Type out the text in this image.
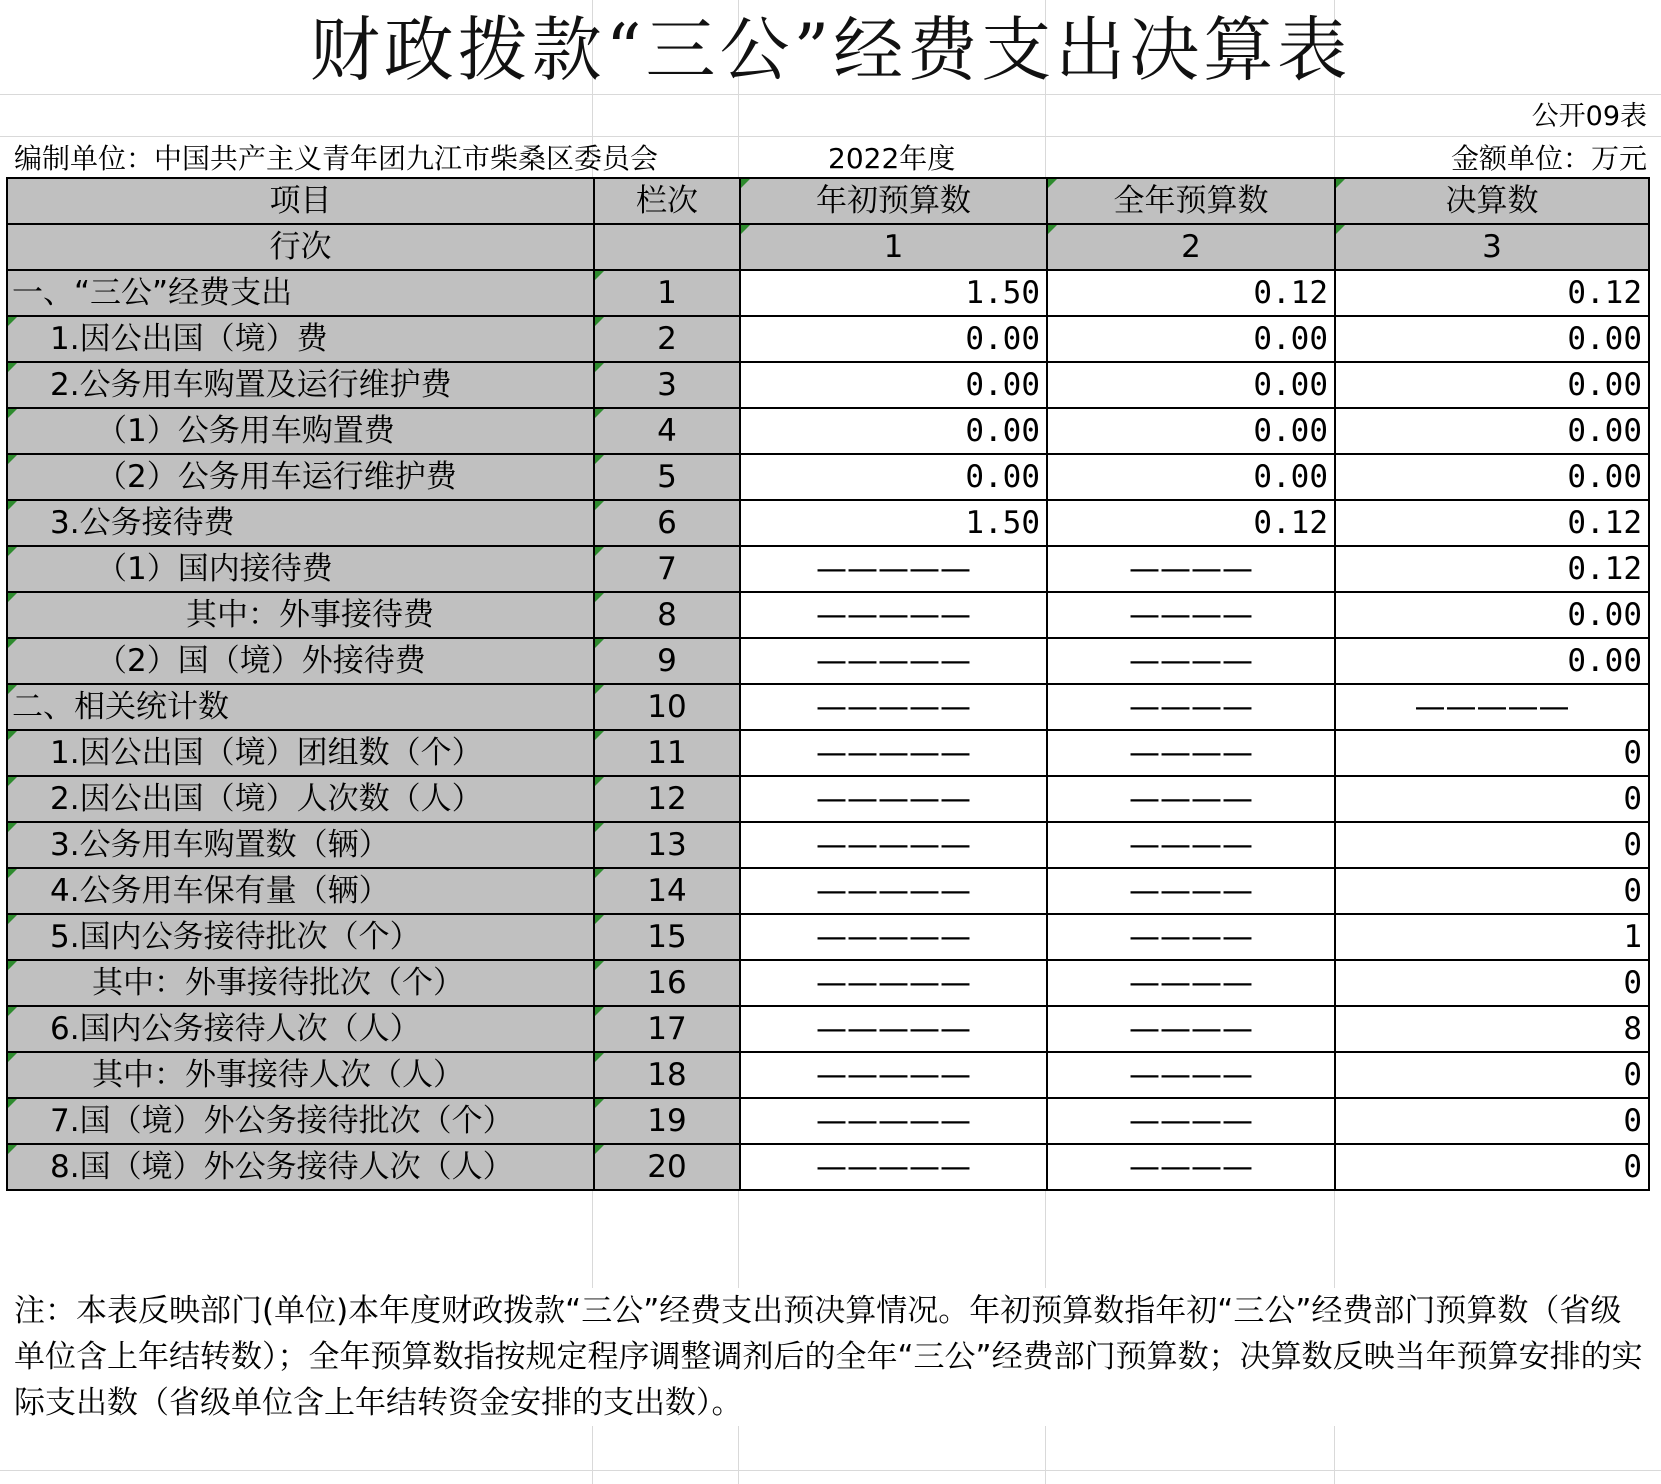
财政拨款“三公”经费支出决算表
公开09表
编制单位：中国共产主义青年团九江市柴桑区委员会	2022年度	金额单位：万元
项目	栏次	年初预算数	全年预算数	决算数
行次		1	2	3
一、“三公”经费支出	1	1.50	0.12	0.12

1.因公出国（境）费	2	0.00	0.00	0.00

2.公务用车购置及运行维护费	3	0.00	0.00	0.00

（1）公务用车购置费	4	0.00	0.00	0.00

（2）公务用车运行维护费	5	0.00	0.00	0.00

3.公务接待费	6	1.50	0.12	0.12

（1）国内接待费	7	—————	————	0.12

其中：外事接待费	8	—————	————	0.00

（2）国（境）外接待费	9	—————	————	0.00

二、相关统计数	10	—————	————	—————

1.因公出国（境）团组数（个）	11	—————	————	0

2.因公出国（境）人次数（人）	12	—————	————	0

3.公务用车购置数（辆）	13	—————	————	0

4.公务用车保有量（辆）	14	—————	————	0

5.国内公务接待批次（个）	15	—————	————	1

其中：外事接待批次（个）	16	—————	————	0

6.国内公务接待人次（人）	17	—————	————	8

其中：外事接待人次（人）	18	—————	————	0

7.国（境）外公务接待批次（个）	19	—————	————	0

8.国（境）外公务接待人次（人）	20	—————	————	0
注：本表反映部门(单位)本年度财政拨款“三公”经费支出预决算情况。年初预算数指年初“三公”经费部门预算数（省级单位含上年结转数）；全年预算数指按规定程序调整调剂后的全年“三公”经费部门预算数；决算数反映当年预算安排的实际支出数（省级单位含上年结转资金安排的支出数）。
